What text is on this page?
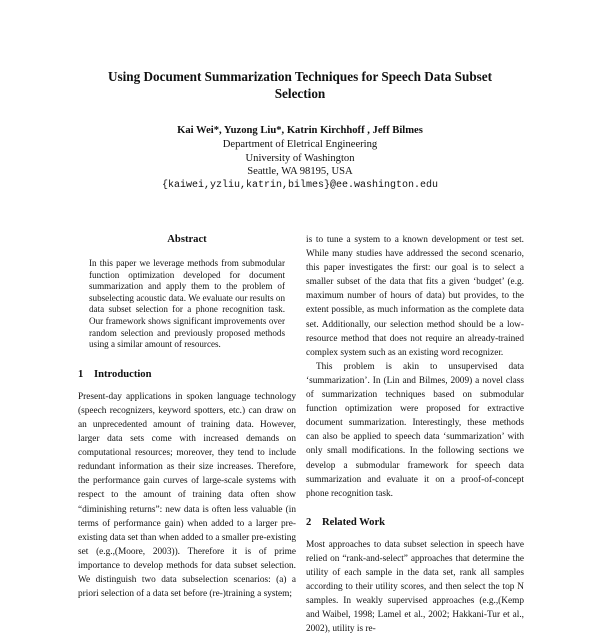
Using Document Summarization Techniques for Speech Data Subset Selection
Kai Wei*, Yuzong Liu*, Katrin Kirchhoff , Jeff Bilmes
Department of Eletrical Engineering
University of Washington
Seattle, WA 98195, USA
{kaiwei,yzliu,katrin,bilmes}@ee.washington.edu
Abstract

In this paper we leverage methods from submodular function optimization developed for document summarization and apply them to the problem of subselecting acoustic data. We evaluate our results on data subset selection for a phone recognition task. Our framework shows significant improvements over random selection and previously proposed methods using a similar amount of resources.

1 Introduction

Present-day applications in spoken language technology (speech recognizers, keyword spotters, etc.) can draw on an unprecedented amount of training data. However, larger data sets come with increased demands on computational resources; moreover, they tend to include redundant information as their size increases. Therefore, the performance gain curves of large-scale systems with respect to the amount of training data often show “diminishing returns”: new data is often less valuable (in terms of performance gain) when added to a larger pre-existing data set than when added to a smaller pre-existing set (e.g.,(Moore, 2003)). Therefore it is of prime importance to develop methods for data subset selection. We distinguish two data subselection scenarios: (a) a priori selection of a data set before (re-)training a system;

is to tune a system to a known development or test set. While many studies have addressed the second scenario, this paper investigates the first: our goal is to select a smaller subset of the data that fits a given ‘budget’ (e.g. maximum number of hours of data) but provides, to the extent possible, as much information as the complete data set. Additionally, our selection method should be a low-resource method that does not require an already-trained complex system such as an existing word recognizer.

This problem is akin to unsupervised data ‘summarization’. In (Lin and Bilmes, 2009) a novel class of summarization techniques based on submodular function optimization were proposed for extractive document summarization. Interestingly, these methods can also be applied to speech data ‘summarization’ with only small modifications. In the following sections we develop a submodular framework for speech data summarization and evaluate it on a proof-of-concept phone recognition task.

2 Related Work

Most approaches to data subset selection in speech have relied on “rank-and-select” approaches that determine the utility of each sample in the data set, rank all samples according to their utility scores, and then select the top N samples. In weakly supervised approaches (e.g.,(Kemp and Waibel, 1998; Lamel et al., 2002; Hakkani-Tur et al., 2002), utility is re-
